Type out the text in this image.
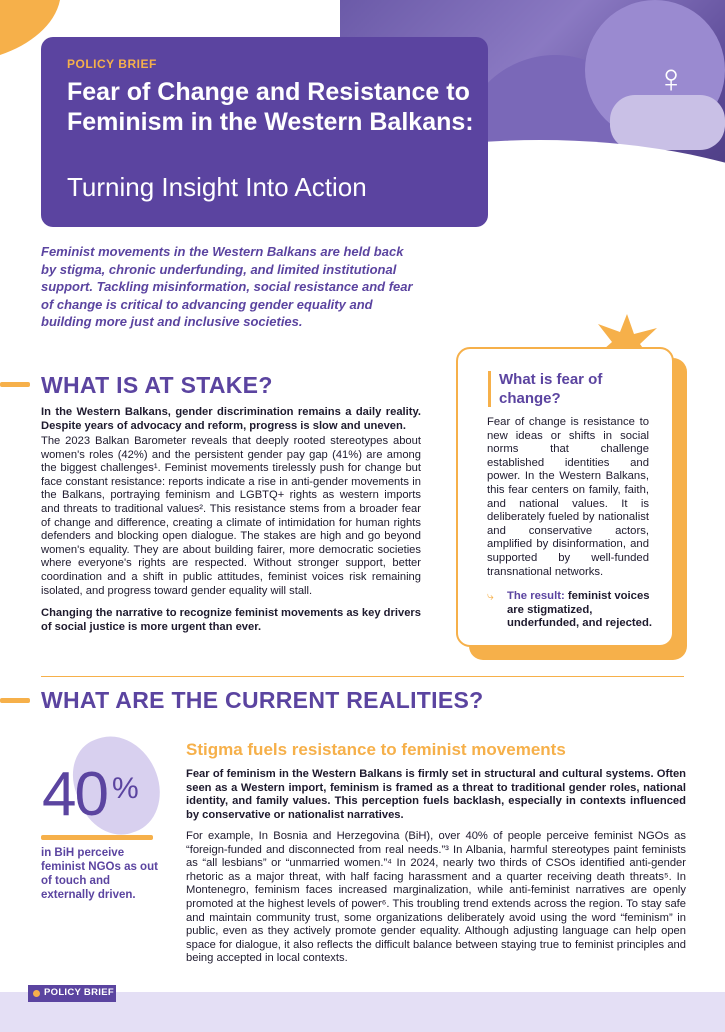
♀
POLICY BRIEF
Fear of Change and Resistance to Feminism in the Western Balkans:
Turning Insight Into Action

Feminist movements in the Western Balkans are held back by stigma, chronic underfunding, and limited institutional support. Tackling misinformation, social resistance and fear of change is critical to advancing gender equality and building more just and inclusive societies.

WHAT IS AT STAKE?

In the Western Balkans, gender discrimination remains a daily reality. Despite years of advocacy and reform, progress is slow and uneven.

The 2023 Balkan Barometer reveals that deeply rooted stereotypes about women's roles (42%) and the persistent gender pay gap (41%) are among the biggest challenges¹. Feminist movements tirelessly push for change but face constant resistance: reports indicate a rise in anti-gender movements in the Balkans, portraying feminism and LGBTQ+ rights as western imports and threats to traditional values². This resistance stems from a broader fear of change and difference, creating a climate of intimidation for human rights defenders and blocking open dialogue. The stakes are high and go beyond women's equality. They are about building fairer, more democratic societies where everyone's rights are respected. Without stronger support, better coordination and a shift in public attitudes, feminist voices risk remaining isolated, and progress toward gender equality will stall.

Changing the narrative to recognize feminist movements as key drivers of social justice is more urgent than ever.

What is fear of change?

Fear of change is resistance to new ideas or shifts in social norms that challenge established identities and power. In the Western Balkans, this fear centers on family, faith, and national values. It is deliberately fueled by nationalist and conservative actors, amplified by disinformation, and supported by well-funded transnational networks.

⤷ The result: feminist voices are stigmatized, underfunded, and rejected.

WHAT ARE THE CURRENT REALITIES?
40 %

in BiH perceive feminist NGOs as out of touch and externally driven.

Stigma fuels resistance to feminist movements

Fear of feminism in the Western Balkans is firmly set in structural and cultural systems. Often seen as a Western import, feminism is framed as a threat to traditional gender roles, national identity, and family values. This perception fuels backlash, especially in contexts influenced by conservative or nationalist narratives.

For example, In Bosnia and Herzegovina (BiH), over 40% of people perceive feminist NGOs as “foreign-funded and disconnected from real needs.”³ In Albania, harmful stereotypes paint feminists as “all lesbians” or “unmarried women.”⁴ In 2024, nearly two thirds of CSOs identified anti-gender rhetoric as a major threat, with half facing harassment and a quarter receiving death threats⁵. In Montenegro, feminism faces increased marginalization, while anti-feminist narratives are openly promoted at the highest levels of power⁶. This troubling trend extends across the region. To stay safe and maintain community trust, some organizations deliberately avoid using the word “feminism” in public, even as they actively promote gender equality. Although adjusting language can help open space for dialogue, it also reflects the difficult balance between staying true to feminist principles and being accepted in local contexts.

POLICY BRIEF
